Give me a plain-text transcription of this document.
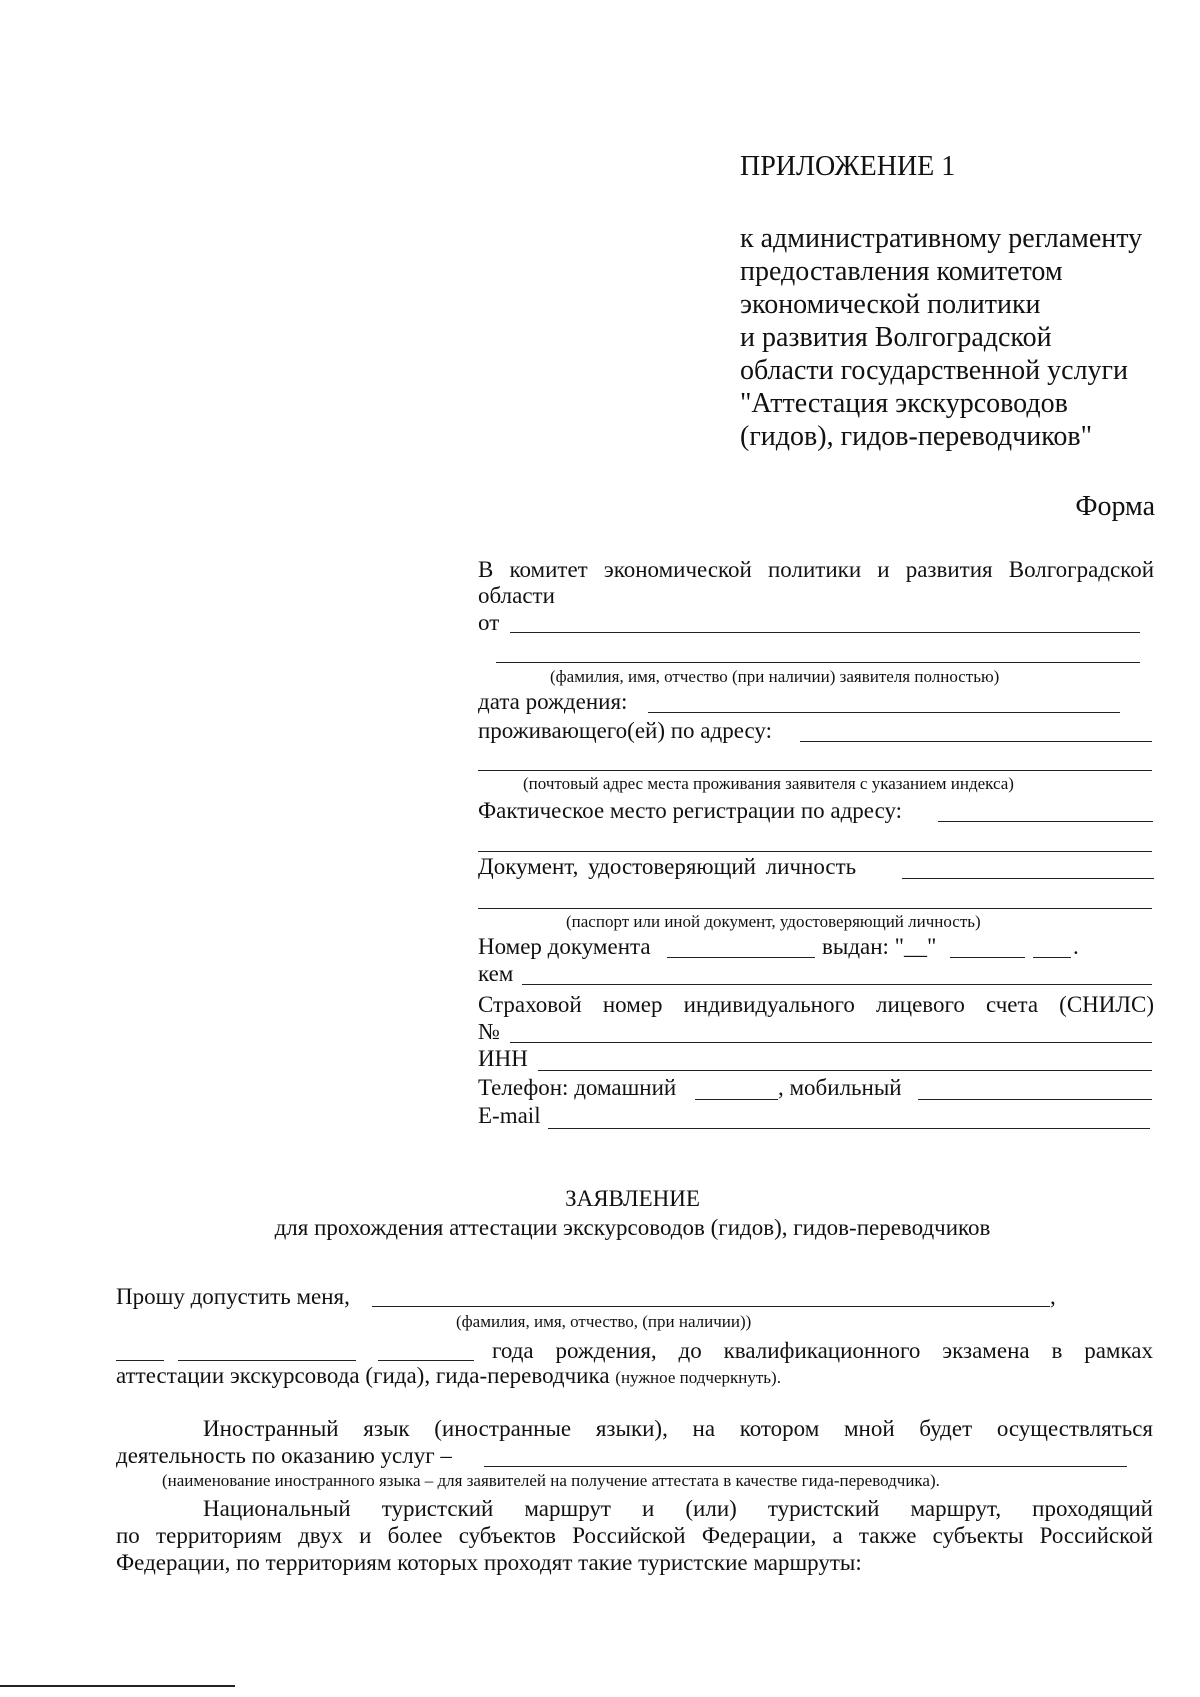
ПРИЛОЖЕНИЕ 1
к административному регламенту
предоставления комитетом
экономической политики
и развития Волгоградской
области государственной услуги
"Аттестация экскурсоводов
(гидов), гидов-переводчиков"
Форма
В комитет экономической политики и развития Волгоградской
области
от
(фамилия, имя, отчество (при наличии) заявителя полностью)
дата рождения:
проживающего(ей) по адресу:
(почтовый адрес места проживания заявителя с указанием индекса)
Фактическое место регистрации по адресу:
Документ, удостоверяющий личность
(паспорт или иной документ, удостоверяющий личность)
Номер документа	выдан: "__"	.
кем
Страховой номер индивидуального лицевого счета (СНИЛС)
№
ИНН
Телефон: домашний	, мобильный
E-mail
ЗАЯВЛЕНИЕ
для прохождения аттестации экскурсоводов (гидов), гидов-переводчиков
Прошу допустить меня,	,
(фамилия, имя, отчество, (при наличии))
года рождения, до квалификационного экзамена в рамках
аттестации экскурсовода (гида), гида-переводчика (нужное подчеркнуть).
Иностранный язык (иностранные языки), на котором мной будет осуществляться
деятельность по оказанию услуг –
(наименование иностранного языка – для заявителей на получение аттестата в качестве гида-переводчика).
Национальный туристский маршрут и (или) туристский маршрут, проходящий
по территориям двух и более субъектов Российской Федерации, а также субъекты Российской
Федерации, по территориям которых проходят такие туристские маршруты:
